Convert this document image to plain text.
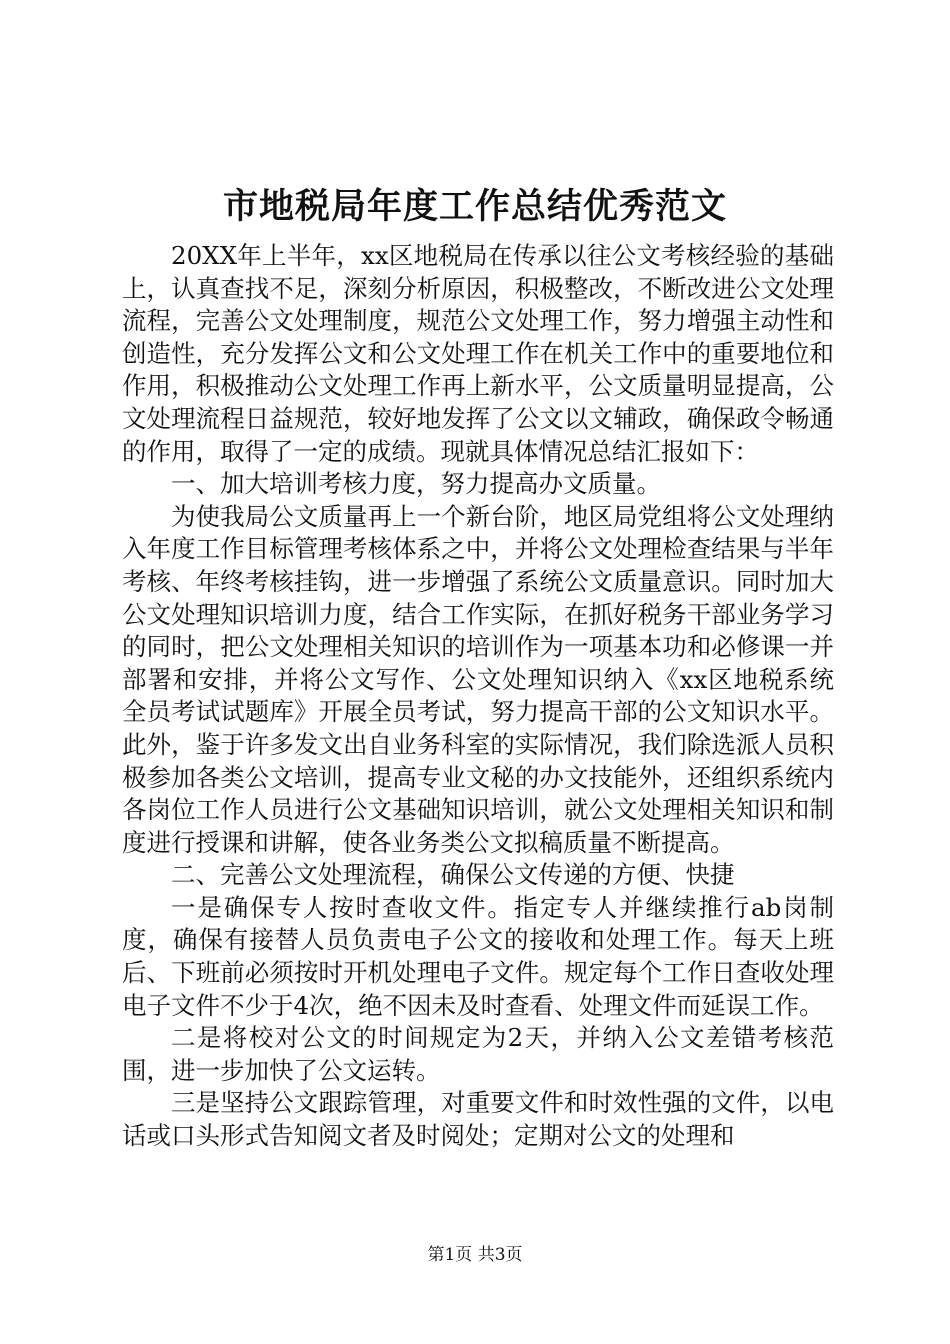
市地税局年度工作总结优秀范文

20XX年上半年，xx区地税局在传承以往公文考核经验的基础上，认真查找不足，深刻分析原因，积极整改，不断改进公文处理流程，完善公文处理制度，规范公文处理工作，努力增强主动性和创造性，充分发挥公文和公文处理工作在机关工作中的重要地位和作用，积极推动公文处理工作再上新水平，公文质量明显提高，公文处理流程日益规范，较好地发挥了公文以文辅政，确保政令畅通的作用，取得了一定的成绩。现就具体情况总结汇报如下：

一、加大培训考核力度，努力提高办文质量。

为使我局公文质量再上一个新台阶，地区局党组将公文处理纳入年度工作目标管理考核体系之中，并将公文处理检查结果与半年考核、年终考核挂钩，进一步增强了系统公文质量意识。同时加大公文处理知识培训力度，结合工作实际，在抓好税务干部业务学习的同时，把公文处理相关知识的培训作为一项基本功和必修课一并部署和安排，并将公文写作、公文处理知识纳入《xx区地税系统全员考试试题库》开展全员考试，努力提高干部的公文知识水平。此外，鉴于许多发文出自业务科室的实际情况，我们除选派人员积极参加各类公文培训，提高专业文秘的办文技能外，还组织系统内各岗位工作人员进行公文基础知识培训，就公文处理相关知识和制度进行授课和讲解，使各业务类公文拟稿质量不断提高。

二、完善公文处理流程，确保公文传递的方便、快捷

一是确保专人按时查收文件。指定专人并继续推行ab岗制度，确保有接替人员负责电子公文的接收和处理工作。每天上班后、下班前必须按时开机处理电子文件。规定每个工作日查收处理电子文件不少于4次，绝不因未及时查看、处理文件而延误工作。

二是将校对公文的时间规定为2天，并纳入公文差错考核范围，进一步加快了公文运转。

三是坚持公文跟踪管理，对重要文件和时效性强的文件，以电话或口头形式告知阅文者及时阅处；定期对公文的处理和

第1页 共3页
